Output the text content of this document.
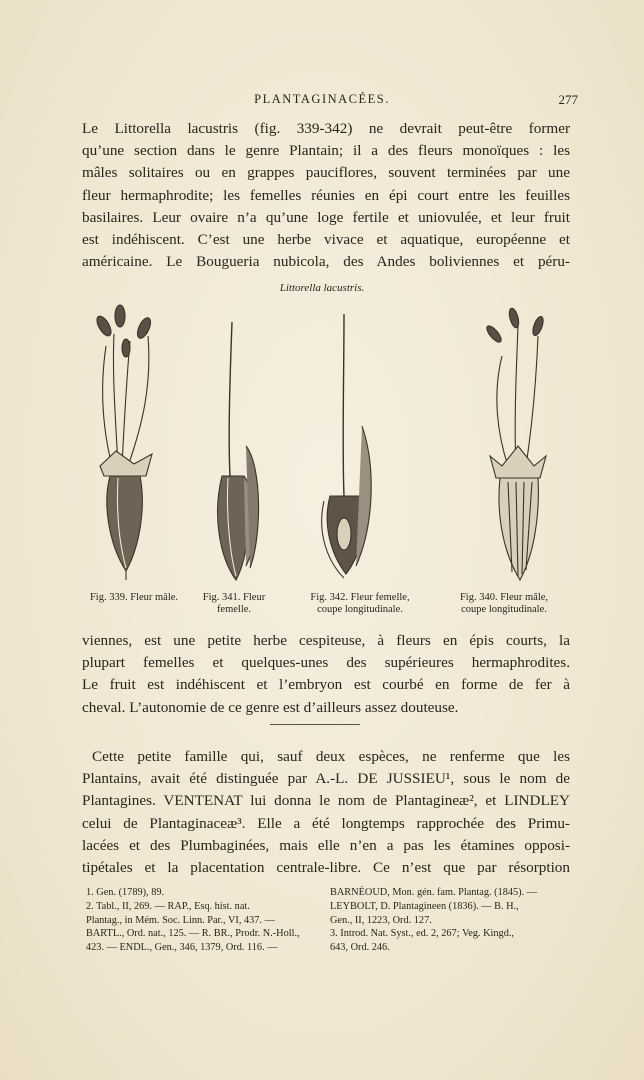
PLANTAGINACÉES.	277
Le Littorella lacustris (fig. 339-342) ne devrait peut-être former
qu’une section dans le genre Plantain; il a des fleurs monoïques : les
mâles solitaires ou en grappes pauciflores, souvent terminées par une
fleur hermaphrodite; les femelles réunies en épi court entre les feuilles
basilaires. Leur ovaire n’a qu’une loge fertile et uniovulée, et leur fruit
est indéhiscent. C’est une herbe vivace et aquatique, européenne et
américaine. Le Bougueria nubicola, des Andes boliviennes et péru-
Littorella lacustris.
Fig. 339. Fleur mâle.	Fig. 341. Fleur
femelle.
Fig. 342. Fleur femelle,
coupe longitudinale.
Fig. 340. Fleur mâle,
coupe longitudinale.
viennes, est une petite herbe cespiteuse, à fleurs en épis courts, la
plupart femelles et quelques-unes des supérieures hermaphrodites.
Le fruit est indéhiscent et l’embryon est courbé en forme de fer à
cheval. L’autonomie de ce genre est d’ailleurs assez douteuse.
Cette petite famille qui, sauf deux espèces, ne renferme que les
Plantains, avait été distinguée par A.-L. DE JUSSIEU¹, sous le nom de
Plantagines. VENTENAT lui donna le nom de Plantagineæ², et LINDLEY
celui de Plantaginaceæ³. Elle a été longtemps rapprochée des Primu-
lacées et des Plumbaginées, mais elle n’en a pas les étamines opposi-
tipétales et la placentation centrale-libre. Ce n’est que par résorption
1. Gen. (1789), 89.
2. Tabl., II, 269. — RAP., Esq. hist. nat.
Plantag., in Mém. Soc. Linn. Par., VI, 437. —
BARTL., Ord. nat., 125. — R. BR., Prodr. N.-Holl.,
423. — ENDL., Gen., 346, 1379, Ord. 116. —
BARNÉOUD, Mon. gén. fam. Plantag. (1845). —
LEYBOLT, D. Plantagineen (1836). — B. H.,
Gen., II, 1223, Ord. 127.
3. Introd. Nat. Syst., ed. 2, 267; Veg. Kingd.,
643, Ord. 246.
